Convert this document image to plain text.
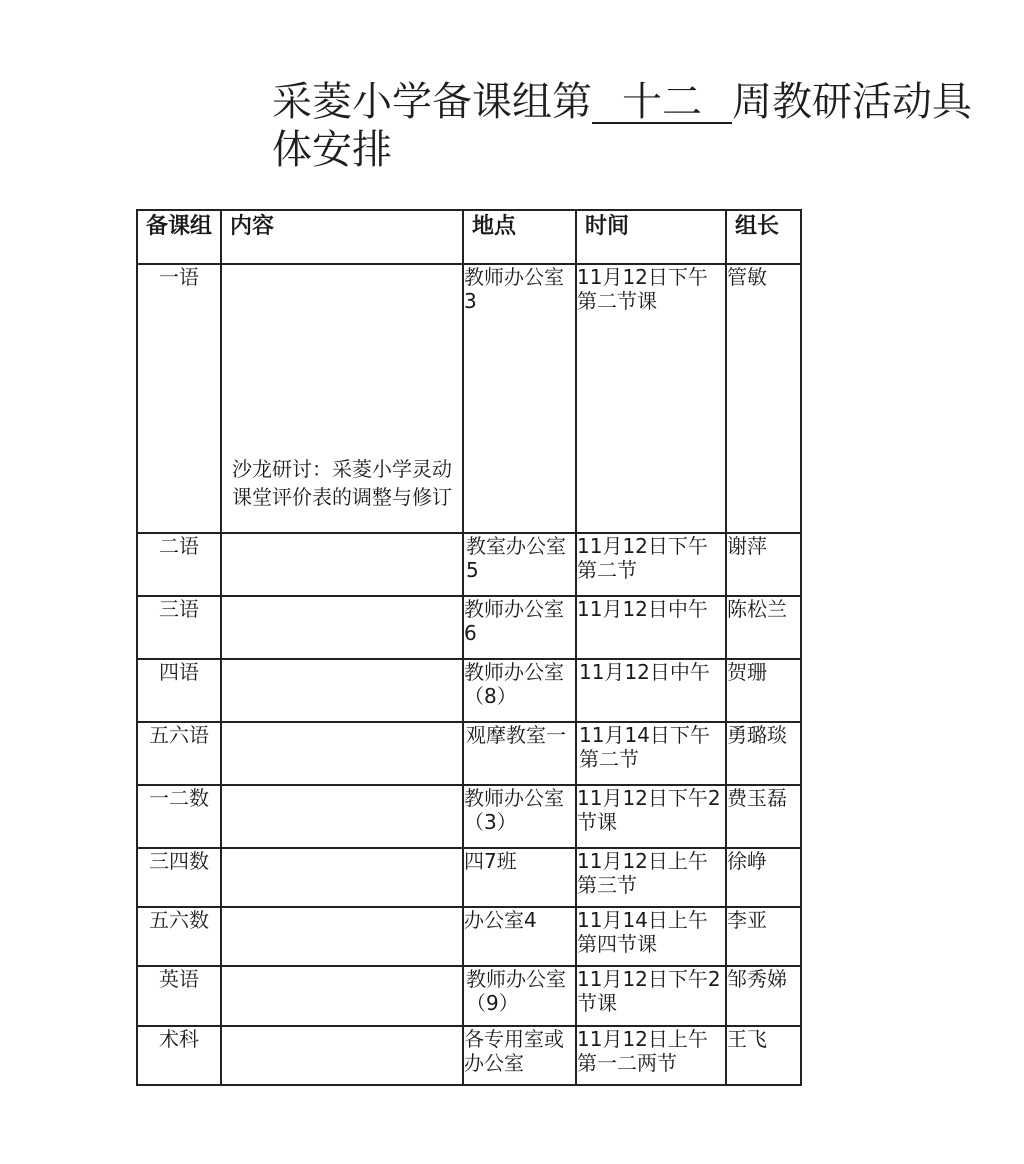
采菱小学备课组第 十二 周教研活动具体安排
备课组	内容	地点	时间	组长
一语	沙龙研讨：采菱小学灵动课堂评价表的调整与修订	教师办公室3	11月12日下午第二节课	管敏
二语		教室办公室5	11月12日下午第二节	谢萍
三语		教师办公室6	11月12日中午	陈松兰
四语		教师办公室（8）	11月12日中午	贺珊
五六语		观摩教室一	11月14日下午第二节	勇璐琰
一二数		教师办公室（3）	11月12日下午2节课	费玉磊
三四数		四7班	11月12日上午第三节	徐峥
五六数		办公室4	11月14日上午第四节课	李亚
英语		教师办公室（9）	11月12日下午2节课	邹秀娣
术科		各专用室或办公室	11月12日上午第一二两节	王飞
